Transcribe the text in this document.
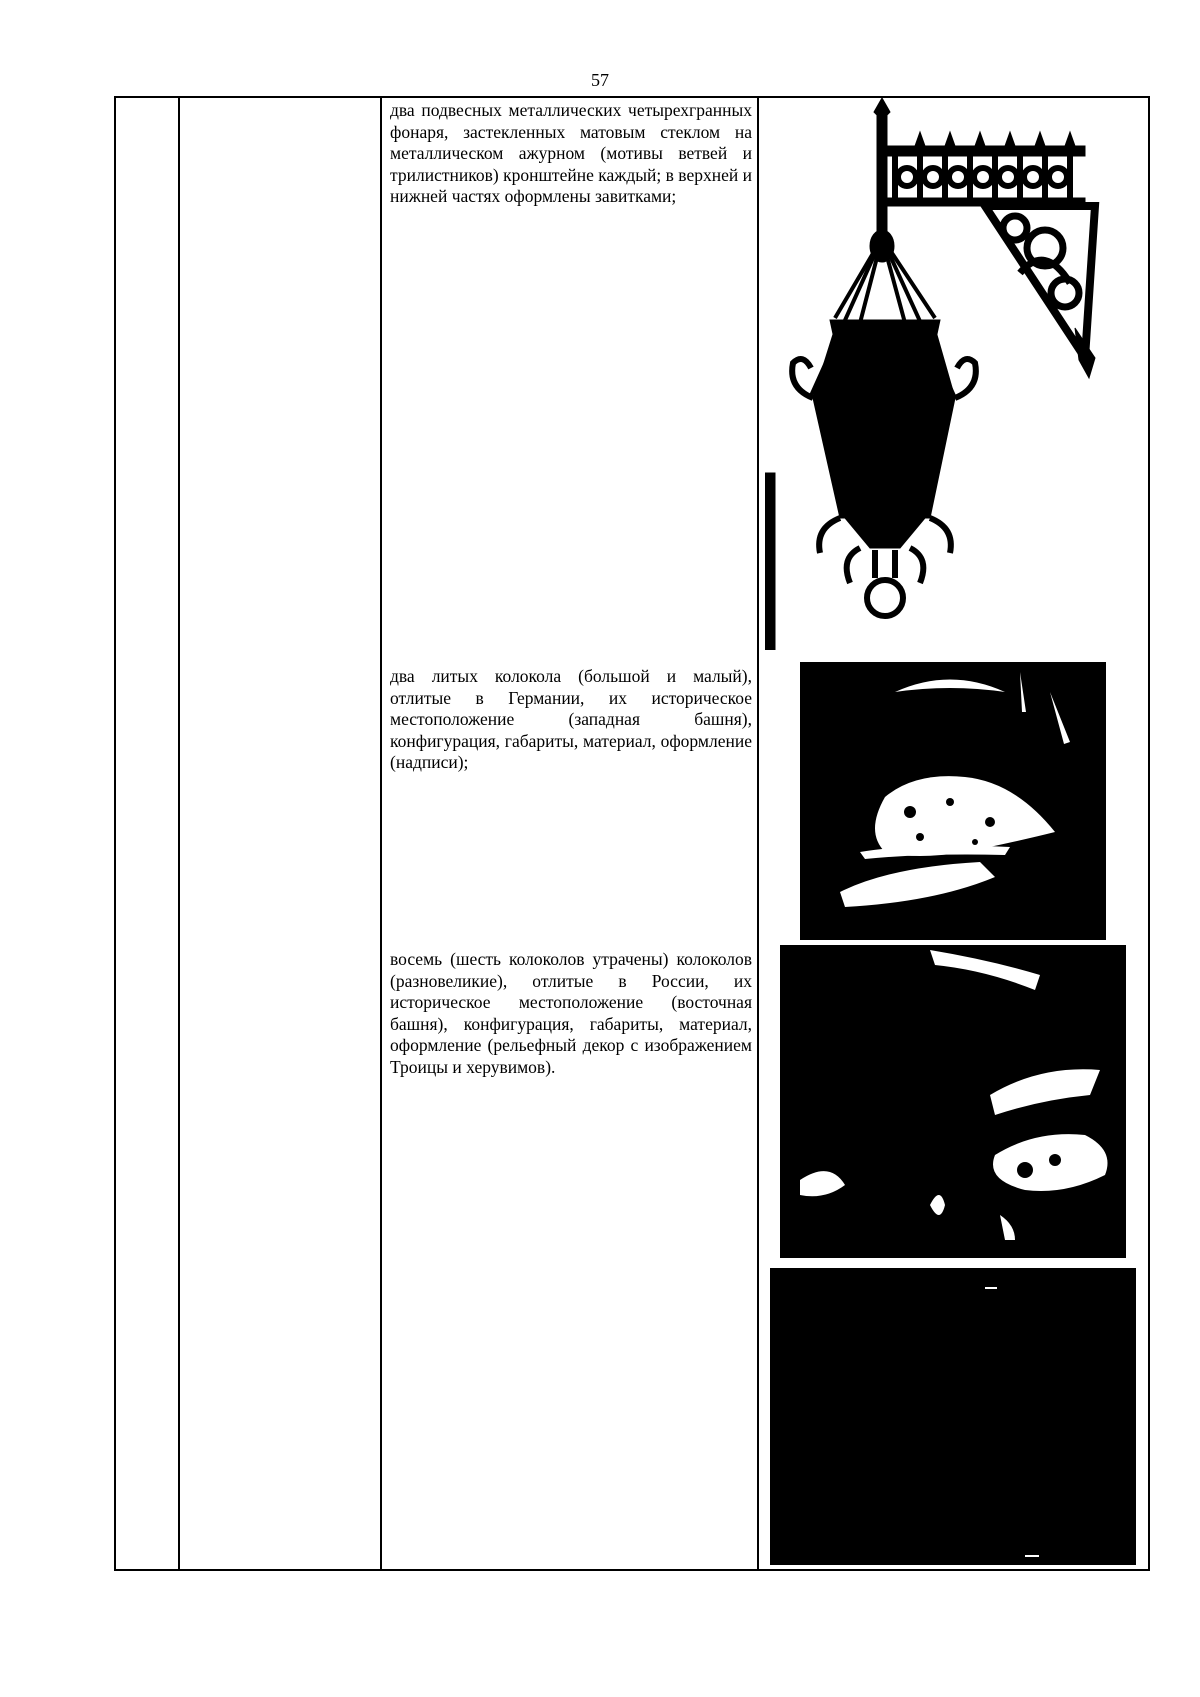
57
два подвесных металлических четырехгранных фонаря, застекленных матовым стеклом на металлическом ажурном (мотивы ветвей и трилистников) кронштейне каждый; в верхней и нижней частях оформлены завитками;
два литых колокола (большой и малый), отлитые в Германии, их историческое местоположение (западная башня), конфигурация, габариты, материал, оформление (надписи);
восемь (шесть колоколов утрачены) колоколов (разновеликие), отлитые в России, их историческое местоположение (восточная башня), конфигурация, габариты, материал, оформление (рельефный декор с изображением Троицы и херувимов).
